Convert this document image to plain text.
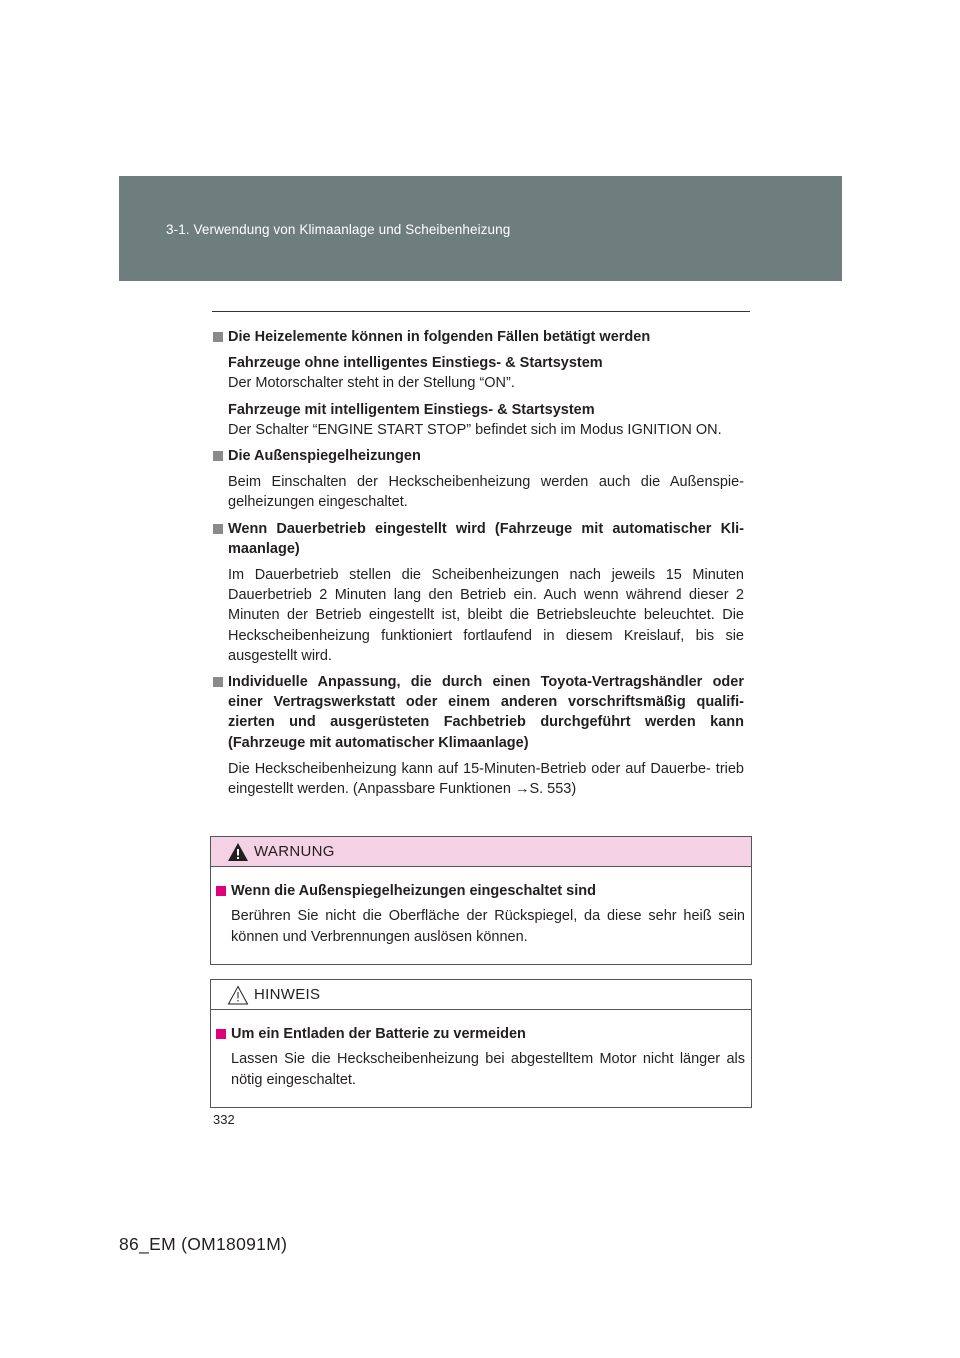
3-1. Verwendung von Klimaanlage und Scheibenheizung
Die Heizelemente können in folgenden Fällen betätigt werden

Fahrzeuge ohne intelligentes Einstiegs- & Startsystem

Der Motorschalter steht in der Stellung “ON”.

Fahrzeuge mit intelligentem Einstiegs- & Startsystem

Der Schalter “ENGINE START STOP” befindet sich im Modus IGNITION ON.

Die Außenspiegelheizungen

Beim Einschalten der Heckscheibenheizung werden auch die Außenspie- gelheizungen eingeschaltet.

Wenn Dauerbetrieb eingestellt wird (Fahrzeuge mit automatischer Kli- maanlage)

Im Dauerbetrieb stellen die Scheibenheizungen nach jeweils 15 Minuten Dauerbetrieb 2 Minuten lang den Betrieb ein. Auch wenn während dieser 2 Minuten der Betrieb eingestellt ist, bleibt die Betriebsleuchte beleuchtet. Die Heckscheibenheizung funktioniert fortlaufend in diesem Kreislauf, bis sie ausgestellt wird.

Individuelle Anpassung, die durch einen Toyota-Vertragshändler oder einer Vertragswerkstatt oder einem anderen vorschriftsmäßig qualifi- zierten und ausgerüsteten Fachbetrieb durchgeführt werden kann (Fahrzeuge mit automatischer Klimaanlage)

Die Heckscheibenheizung kann auf 15-Minuten-Betrieb oder auf Dauerbe- trieb eingestellt werden. (Anpassbare Funktionen →S. 553)

WARNUNG
Wenn die Außenspiegelheizungen eingeschaltet sind

Berühren Sie nicht die Oberfläche der Rückspiegel, da diese sehr heiß sein können und Verbrennungen auslösen können.

HINWEIS
Um ein Entladen der Batterie zu vermeiden

Lassen Sie die Heckscheibenheizung bei abgestelltem Motor nicht länger als nötig eingeschaltet.

332
86_EM (OM18091M)
